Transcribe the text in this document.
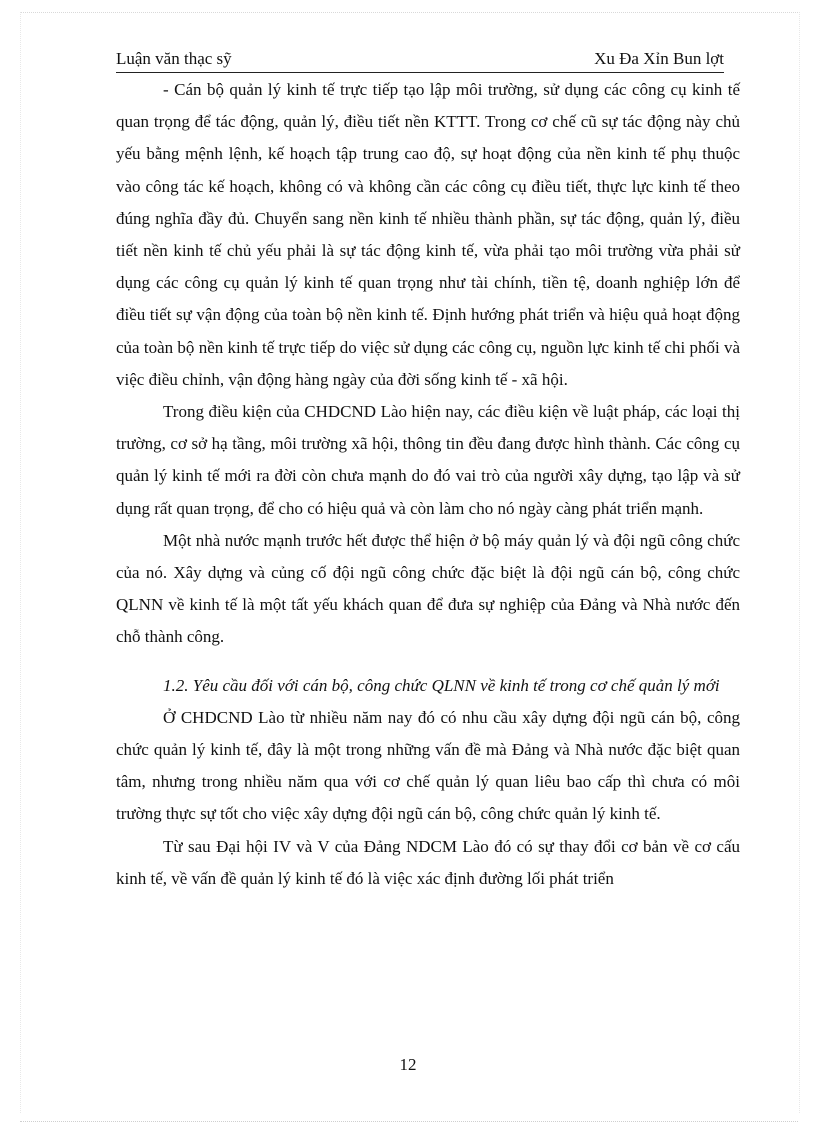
Luận văn thạc sỹ	Xu Đa Xỉn Bun lợt

- Cán bộ quản lý kinh tế trực tiếp tạo lập môi trường, sử dụng các công cụ kinh tế quan trọng để tác động, quản lý, điều tiết nền KTTT. Trong cơ chế cũ sự tác động này chủ yếu bằng mệnh lệnh, kế hoạch tập trung cao độ, sự hoạt động của nền kinh tế phụ thuộc vào công tác kế hoạch, không có và không cần các công cụ điều tiết, thực lực kinh tế theo đúng nghĩa đầy đủ. Chuyển sang nền kinh tế nhiều thành phần, sự tác động, quản lý, điều tiết nền kinh tế chủ yếu phải là sự tác động kinh tế, vừa phải tạo môi trường vừa phải sử dụng các công cụ quản lý kinh tế quan trọng như tài chính, tiền tệ, doanh nghiệp lớn để điều tiết sự vận động của toàn bộ nền kinh tế. Định hướng phát triển và hiệu quả hoạt động của toàn bộ nền kinh tế trực tiếp do việc sử dụng các công cụ, nguồn lực kinh tế chi phối và việc điều chỉnh, vận động hàng ngày của đời sống kinh tế - xã hội.

Trong điều kiện của CHDCND Lào hiện nay, các điều kiện về luật pháp, các loại thị trường, cơ sở hạ tầng, môi trường xã hội, thông tin đều đang được hình thành. Các công cụ quản lý kinh tế mới ra đời còn chưa mạnh do đó vai trò của người xây dựng, tạo lập và sử dụng rất quan trọng, để cho có hiệu quả và còn làm cho nó ngày càng phát triển mạnh.

Một nhà nước mạnh trước hết được thể hiện ở bộ máy quản lý và đội ngũ công chức của nó. Xây dựng và củng cố đội ngũ công chức đặc biệt là đội ngũ cán bộ, công chức QLNN về kinh tế là một tất yếu khách quan để đưa sự nghiệp của Đảng và Nhà nước đến chỗ thành công.

1.2. Yêu cầu đối với cán bộ, công chức QLNN về kinh tế trong cơ chế quản lý mới

Ở CHDCND Lào từ nhiều năm nay đó có nhu cầu xây dựng đội ngũ cán bộ, công chức quản lý kinh tế, đây là một trong những vấn đề mà Đảng và Nhà nước đặc biệt quan tâm, nhưng trong nhiều năm qua với cơ chế quản lý quan liêu bao cấp thì chưa có môi trường thực sự tốt cho việc xây dựng đội ngũ cán bộ, công chức quản lý kinh tế.

Từ sau Đại hội IV và V của Đảng NDCM Lào đó có sự thay đổi cơ bản về cơ cấu kinh tế, về vấn đề quản lý kinh tế đó là việc xác định đường lối phát triển

12
